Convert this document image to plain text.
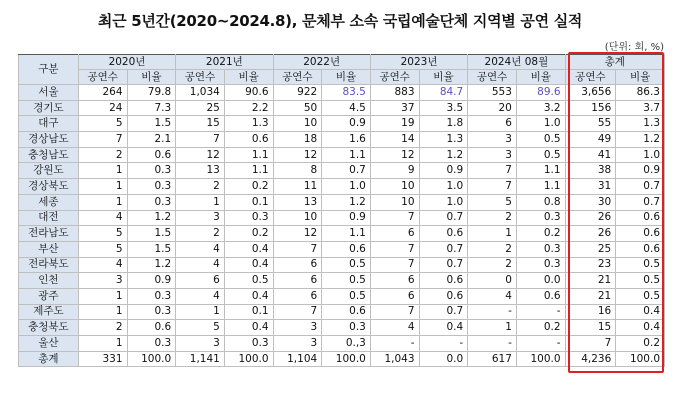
최근 5년간(2020~2024.8), 문체부 소속 국립예술단체 지역별 공연 실적
(단위: 회, %)
구분	2020년		2021년		2022년		2023년		2024년 08월		총계	
	공연수	비율	공연수	비율	공연수	비율	공연수	비율	공연수	비율	공연수	비율
서울	264	79.8	1,034	90.6	922	83.5	883	84.7	553	89.6	3,656	86.3
경기도	24	7.3	25	2.2	50	4.5	37	3.5	20	3.2	156	3.7
대구	5	1.5	15	1.3	10	0.9	19	1.8	6	1.0	55	1.3
경상남도	7	2.1	7	0.6	18	1.6	14	1.3	3	0.5	49	1.2
충청남도	2	0.6	12	1.1	12	1.1	12	1.2	3	0.5	41	1.0
강원도	1	0.3	13	1.1	8	0.7	9	0.9	7	1.1	38	0.9
경상북도	1	0.3	2	0.2	11	1.0	10	1.0	7	1.1	31	0.7
세종	1	0.3	1	0.1	13	1.2	10	1.0	5	0.8	30	0.7
대전	4	1.2	3	0.3	10	0.9	7	0.7	2	0.3	26	0.6
전라남도	5	1.5	2	0.2	12	1.1	6	0.6	1	0.2	26	0.6
부산	5	1.5	4	0.4	7	0.6	7	0.7	2	0.3	25	0.6
전라북도	4	1.2	4	0.4	6	0.5	7	0.7	2	0.3	23	0.5
인천	3	0.9	6	0.5	6	0.5	6	0.6	0	0.0	21	0.5
광주	1	0.3	4	0.4	6	0.5	6	0.6	4	0.6	21	0.5
제주도	1	0.3	1	0.1	7	0.6	7	0.7	-	-	16	0.4
충청북도	2	0.6	5	0.4	3	0.3	4	0.4	1	0.2	15	0.4
울산	1	0.3	3	0.3	3	0.,3	-	-	-	-	7	0.2
총계	331	100.0	1,141	100.0	1,104	100.0	1,043	0.0	617	100.0	4,236	100.0
